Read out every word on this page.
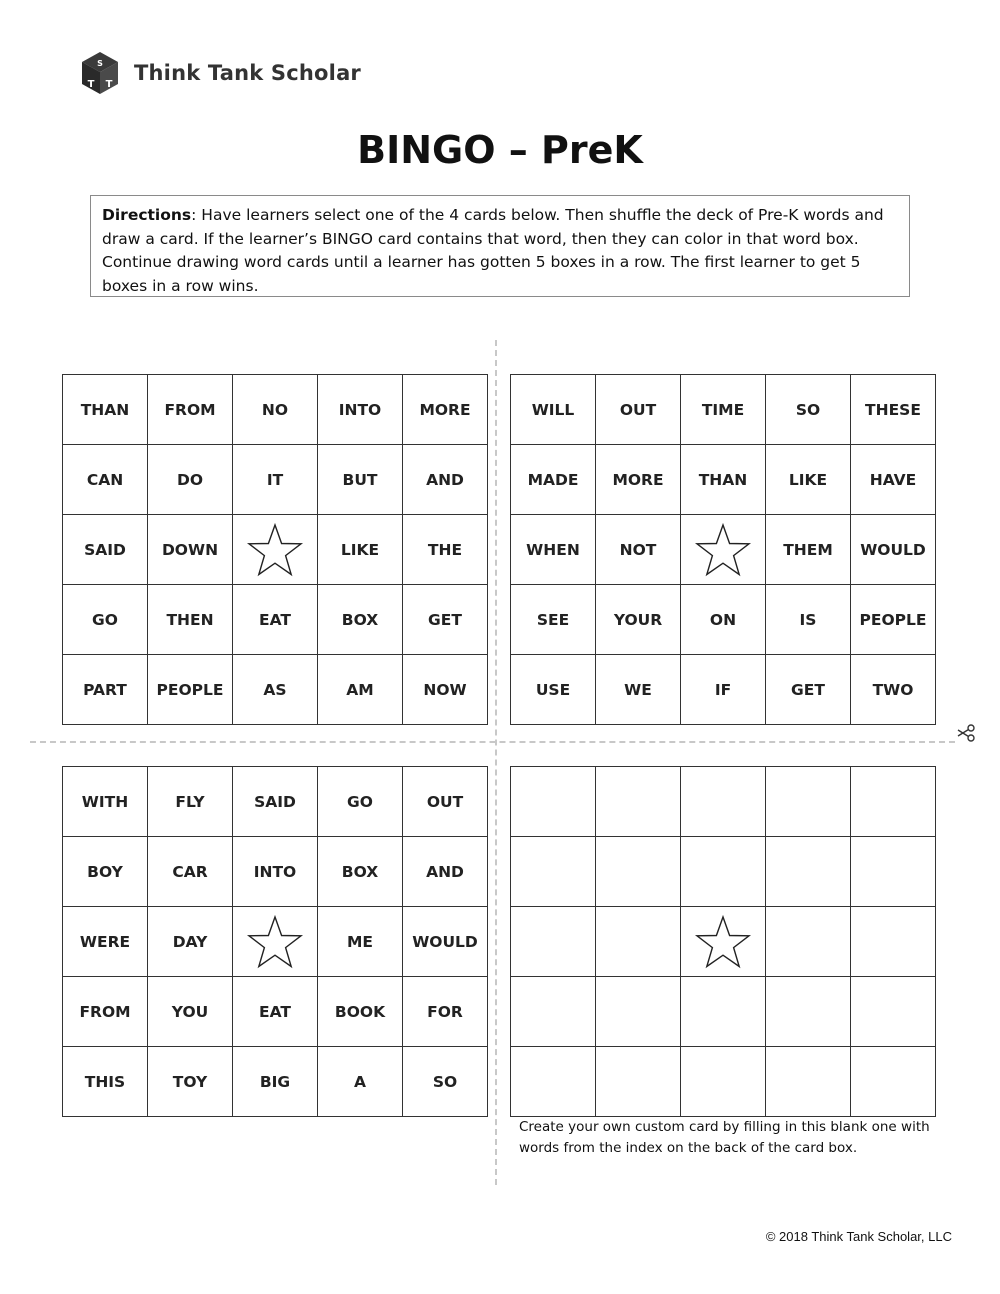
S
T T Think Tank Scholar
BINGO – PreK
Directions: Have learners select one of the 4 cards below. Then shuffle the deck of Pre-K words and draw a card. If the learner’s BINGO card contains that word, then they can color in that word box. Continue drawing word cards until a learner has gotten 5 boxes in a row. The first learner to get 5 boxes in a row wins.
THAN	FROM	NO	INTO	MORE
CAN	DO	IT	BUT	AND
SAID	DOWN		LIKE	THE
GO	THEN	EAT	BOX	GET
PART	PEOPLE	AS	AM	NOW
WILL	OUT	TIME	SO	THESE
MADE	MORE	THAN	LIKE	HAVE
WHEN	NOT		THEM	WOULD
SEE	YOUR	ON	IS	PEOPLE
USE	WE	IF	GET	TWO
WITH	FLY	SAID	GO	OUT
BOY	CAR	INTO	BOX	AND
WERE	DAY		ME	WOULD
FROM	YOU	EAT	BOOK	FOR
THIS	TOY	BIG	A	SO

Create your own custom card by filling in this blank one with words from the index on the back of the card box.
© 2018 Think Tank Scholar, LLC
